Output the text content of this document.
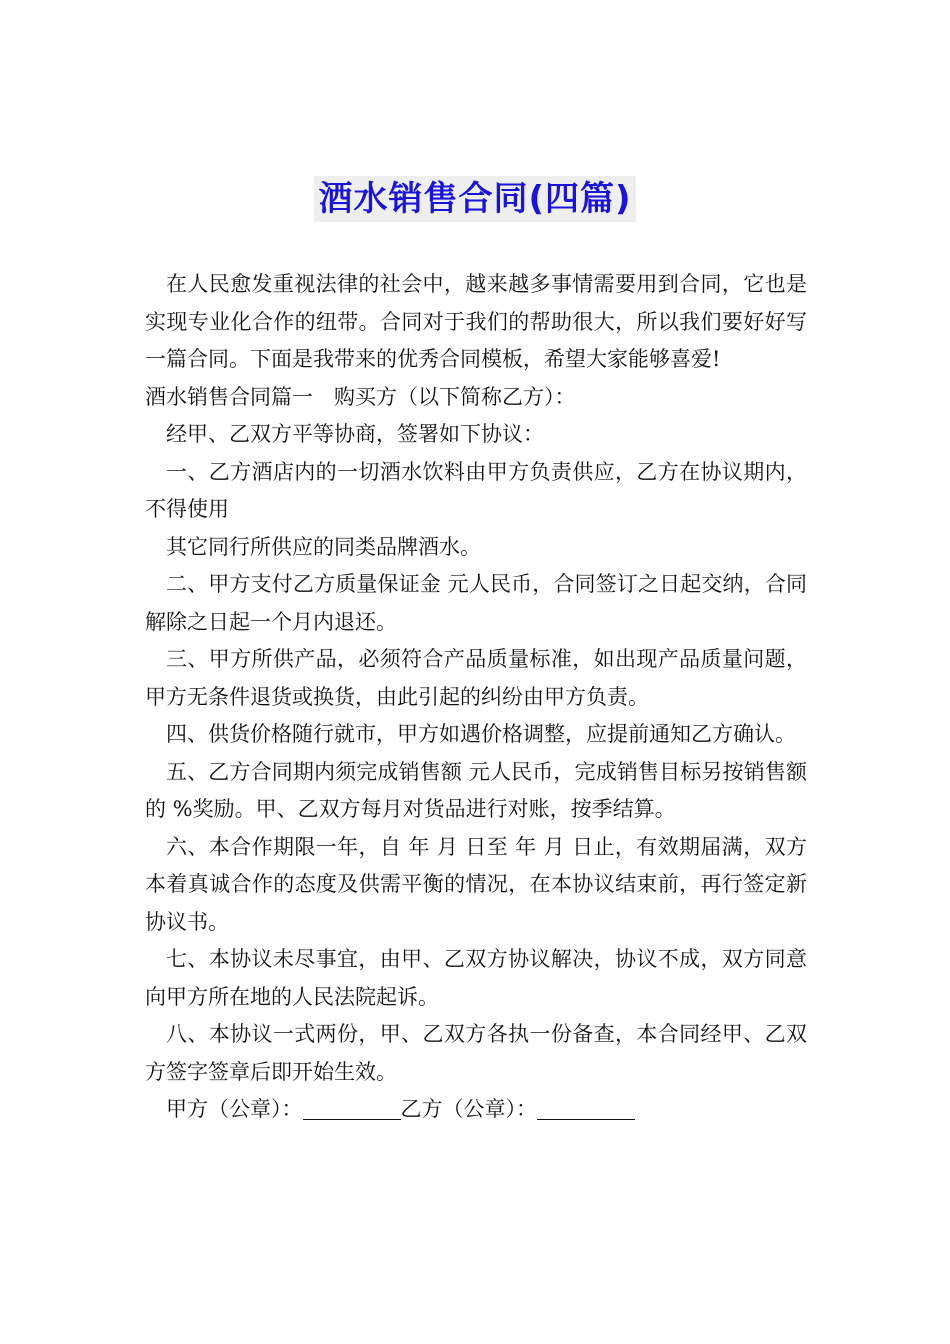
酒水销售合同(四篇)

在人民愈发重视法律的社会中，越来越多事情需要用到合同，它也是实现专业化合作的纽带。合同对于我们的帮助很大，所以我们要好好写一篇合同。下面是我带来的优秀合同模板，希望大家能够喜爱!

酒水销售合同篇一　购买方（以下简称乙方）：

经甲、乙双方平等协商，签署如下协议：

一、乙方酒店内的一切酒水饮料由甲方负责供应，乙方在协议期内，不得使用

其它同行所供应的同类品牌酒水。

二、甲方支付乙方质量保证金 元人民币，合同签订之日起交纳，合同解除之日起一个月内退还。

三、甲方所供产品，必须符合产品质量标准，如出现产品质量问题，甲方无条件退货或换货，由此引起的纠纷由甲方负责。

四、供货价格随行就市，甲方如遇价格调整，应提前通知乙方确认。

五、乙方合同期内须完成销售额 元人民币，完成销售目标另按销售额的 %奖励。甲、乙双方每月对货品进行对账，按季结算。

六、本合作期限一年，自 年 月 日至 年 月 日止，有效期届满，双方本着真诚合作的态度及供需平衡的情况，在本协议结束前，再行签定新协议书。

七、本协议未尽事宜，由甲、乙双方协议解决，协议不成，双方同意向甲方所在地的人民法院起诉。

八、本协议一式两份，甲、乙双方各执一份备查，本合同经甲、乙双方签字签章后即开始生效。

甲方（公章）：	乙方（公章）：
